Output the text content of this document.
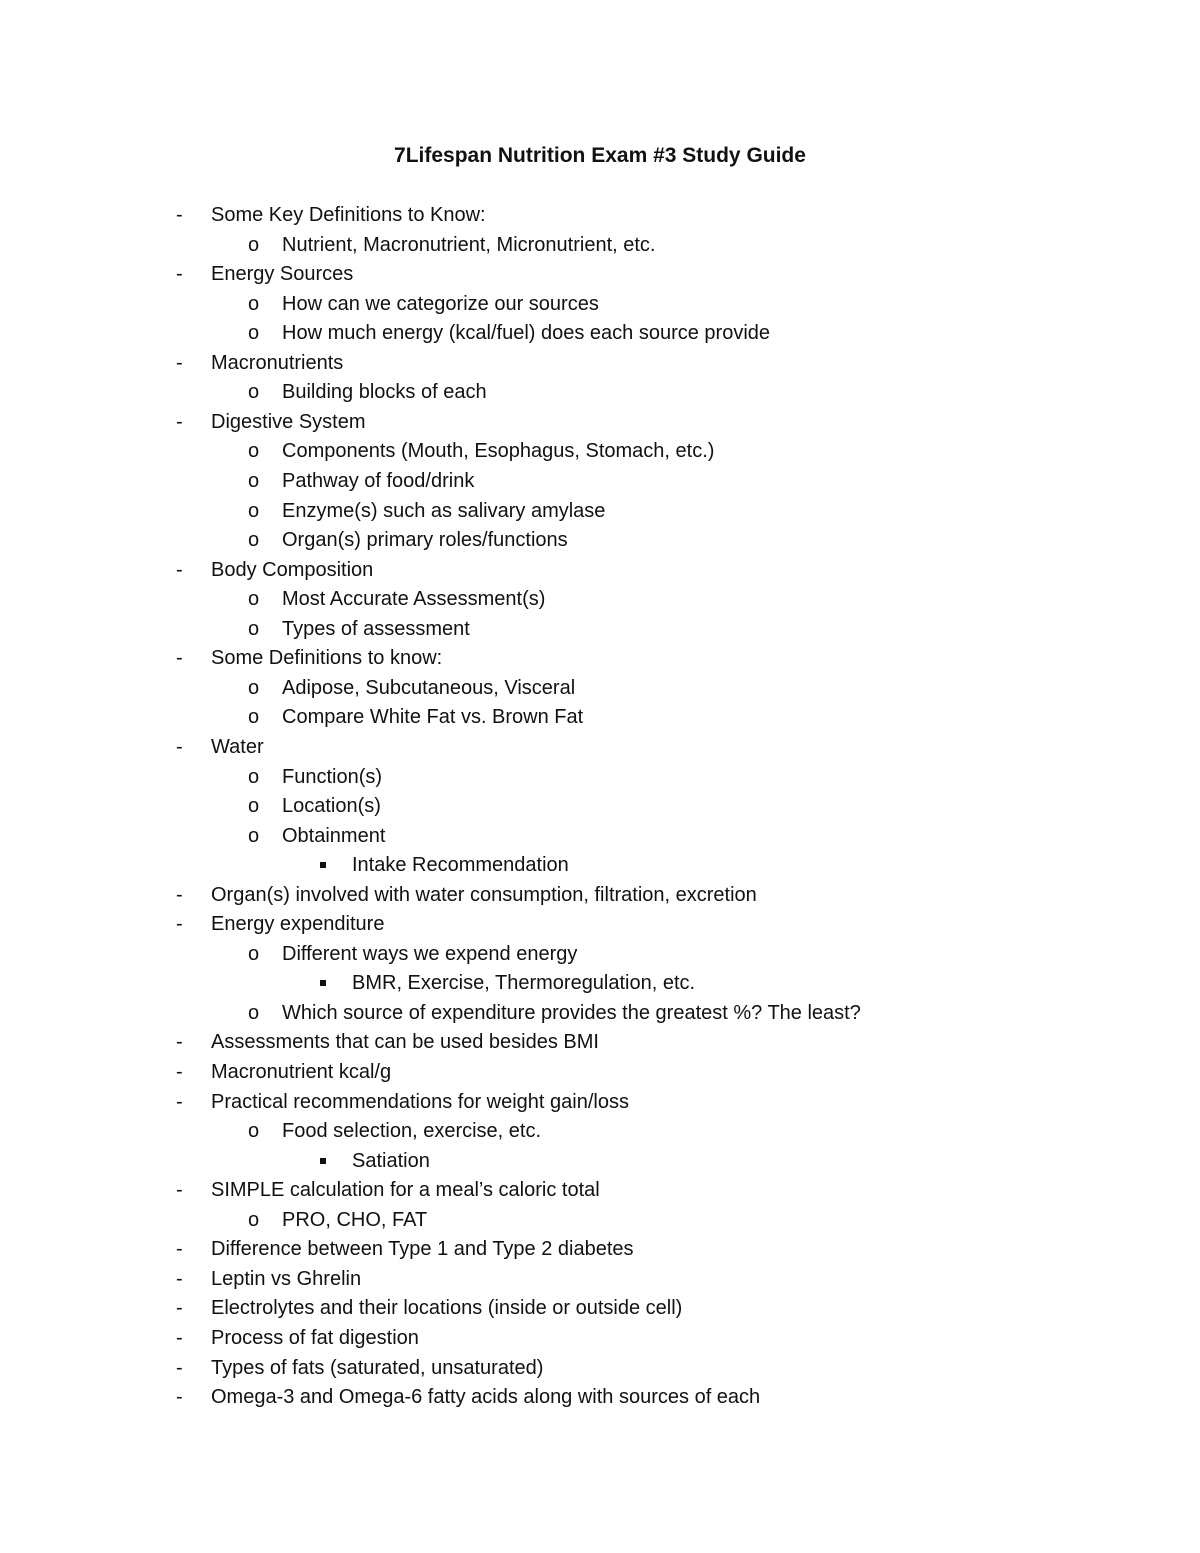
7Lifespan Nutrition Exam #3 Study Guide
- Some Key Definitions to Know:
o Nutrient, Macronutrient, Micronutrient, etc.
- Energy Sources
o How can we categorize our sources
o How much energy (kcal/fuel) does each source provide
- Macronutrients
o Building blocks of each
- Digestive System
o Components (Mouth, Esophagus, Stomach, etc.)
o Pathway of food/drink
o Enzyme(s) such as salivary amylase
o Organ(s) primary roles/functions
- Body Composition
o Most Accurate Assessment(s)
o Types of assessment
- Some Definitions to know:
o Adipose, Subcutaneous, Visceral
o Compare White Fat vs. Brown Fat
- Water
o Function(s)
o Location(s)
o Obtainment
Intake Recommendation
- Organ(s) involved with water consumption, filtration, excretion
- Energy expenditure
o Different ways we expend energy
BMR, Exercise, Thermoregulation, etc.
o Which source of expenditure provides the greatest %? The least?
- Assessments that can be used besides BMI
- Macronutrient kcal/g
- Practical recommendations for weight gain/loss
o Food selection, exercise, etc.
Satiation
- SIMPLE calculation for a meal’s caloric total
o PRO, CHO, FAT
- Difference between Type 1 and Type 2 diabetes
- Leptin vs Ghrelin
- Electrolytes and their locations (inside or outside cell)
- Process of fat digestion
- Types of fats (saturated, unsaturated)
- Omega-3 and Omega-6 fatty acids along with sources of each
